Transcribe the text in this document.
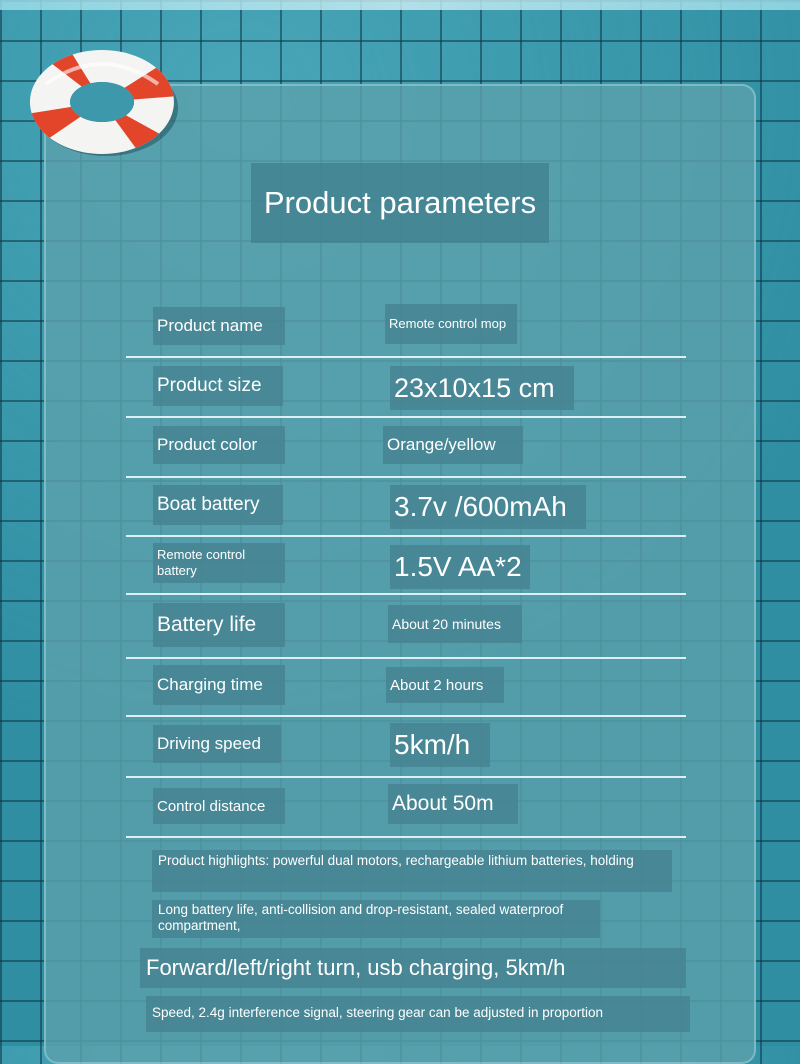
Product parameters
Product name	Remote control mop
Product size	23x10x15 cm
Product color	Orange/yellow
Boat battery	3.7v /600mAh
Remote control battery	1.5V AA*2
Battery life	About 20 minutes
Charging time	About 2 hours
Driving speed	5km/h
Control distance	About 50m
Product highlights: powerful dual motors, rechargeable lithium batteries, holding
Long battery life, anti-collision and drop-resistant, sealed waterproof compartment,
Forward/left/right turn, usb charging, 5km/h
Speed, 2.4g interference signal, steering gear can be adjusted in proportion
